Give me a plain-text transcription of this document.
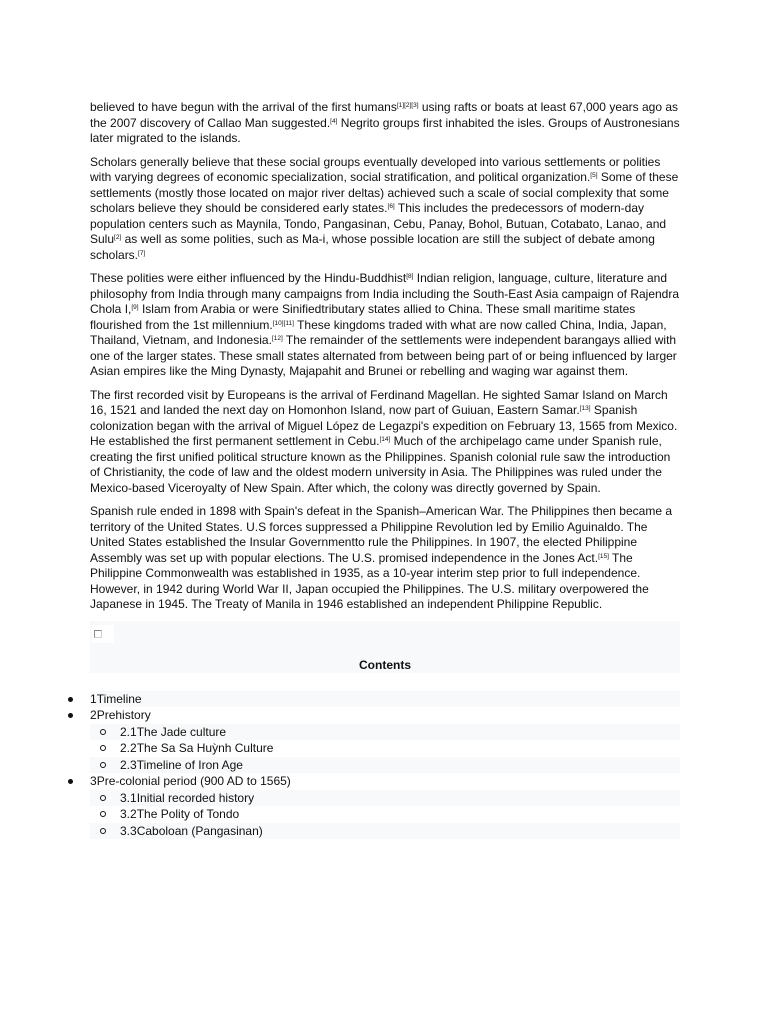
believed to have begun with the arrival of the first humans[1][2][3] using rafts or boats at least 67,000 years ago as the 2007 discovery of Callao Man suggested.[4] Negrito groups first inhabited the isles. Groups of Austronesians later migrated to the islands.

Scholars generally believe that these social groups eventually developed into various settlements or polities with varying degrees of economic specialization, social stratification, and political organization.[5] Some of these settlements (mostly those located on major river deltas) achieved such a scale of social complexity that some scholars believe they should be considered early states.[6] This includes the predecessors of modern-day population centers such as Maynila, Tondo, Pangasinan, Cebu, Panay, Bohol, Butuan, Cotabato, Lanao, and Sulu[2] as well as some polities, such as Ma-i, whose possible location are still the subject of debate among scholars.[7]

These polities were either influenced by the Hindu-Buddhist[8] Indian religion, language, culture, literature and philosophy from India through many campaigns from India including the South-East Asia campaign of Rajendra Chola I,[9] Islam from Arabia or were Sinifiedtributary states allied to China. These small maritime states flourished from the 1st millennium.[10][11] These kingdoms traded with what are now called China, India, Japan, Thailand, Vietnam, and Indonesia.[12] The remainder of the settlements were independent barangays allied with one of the larger states. These small states alternated from between being part of or being influenced by larger Asian empires like the Ming Dynasty, Majapahit and Brunei or rebelling and waging war against them.

The first recorded visit by Europeans is the arrival of Ferdinand Magellan. He sighted Samar Island on March 16, 1521 and landed the next day on Homonhon Island, now part of Guiuan, Eastern Samar.[13] Spanish colonization began with the arrival of Miguel López de Legazpi's expedition on February 13, 1565 from Mexico. He established the first permanent settlement in Cebu.[14] Much of the archipelago came under Spanish rule, creating the first unified political structure known as the Philippines. Spanish colonial rule saw the introduction of Christianity, the code of law and the oldest modern university in Asia. The Philippines was ruled under the Mexico-based Viceroyalty of New Spain. After which, the colony was directly governed by Spain.

Spanish rule ended in 1898 with Spain's defeat in the Spanish–American War. The Philippines then became a territory of the United States. U.S forces suppressed a Philippine Revolution led by Emilio Aguinaldo. The United States established the Insular Governmentto rule the Philippines. In 1907, the elected Philippine Assembly was set up with popular elections. The U.S. promised independence in the Jones Act.[15] The Philippine Commonwealth was established in 1935, as a 10-year interim step prior to full independence. However, in 1942 during World War II, Japan occupied the Philippines. The U.S. military overpowered the Japanese in 1945. The Treaty of Manila in 1946 established an independent Philippine Republic.

Contents
1Timeline
2Prehistory
2.1The Jade culture
2.2The Sa Sa Huỳnh Culture
2.3Timeline of Iron Age
3Pre-colonial period (900 AD to 1565)
3.1Initial recorded history
3.2The Polity of Tondo
3.3Caboloan (Pangasinan)
